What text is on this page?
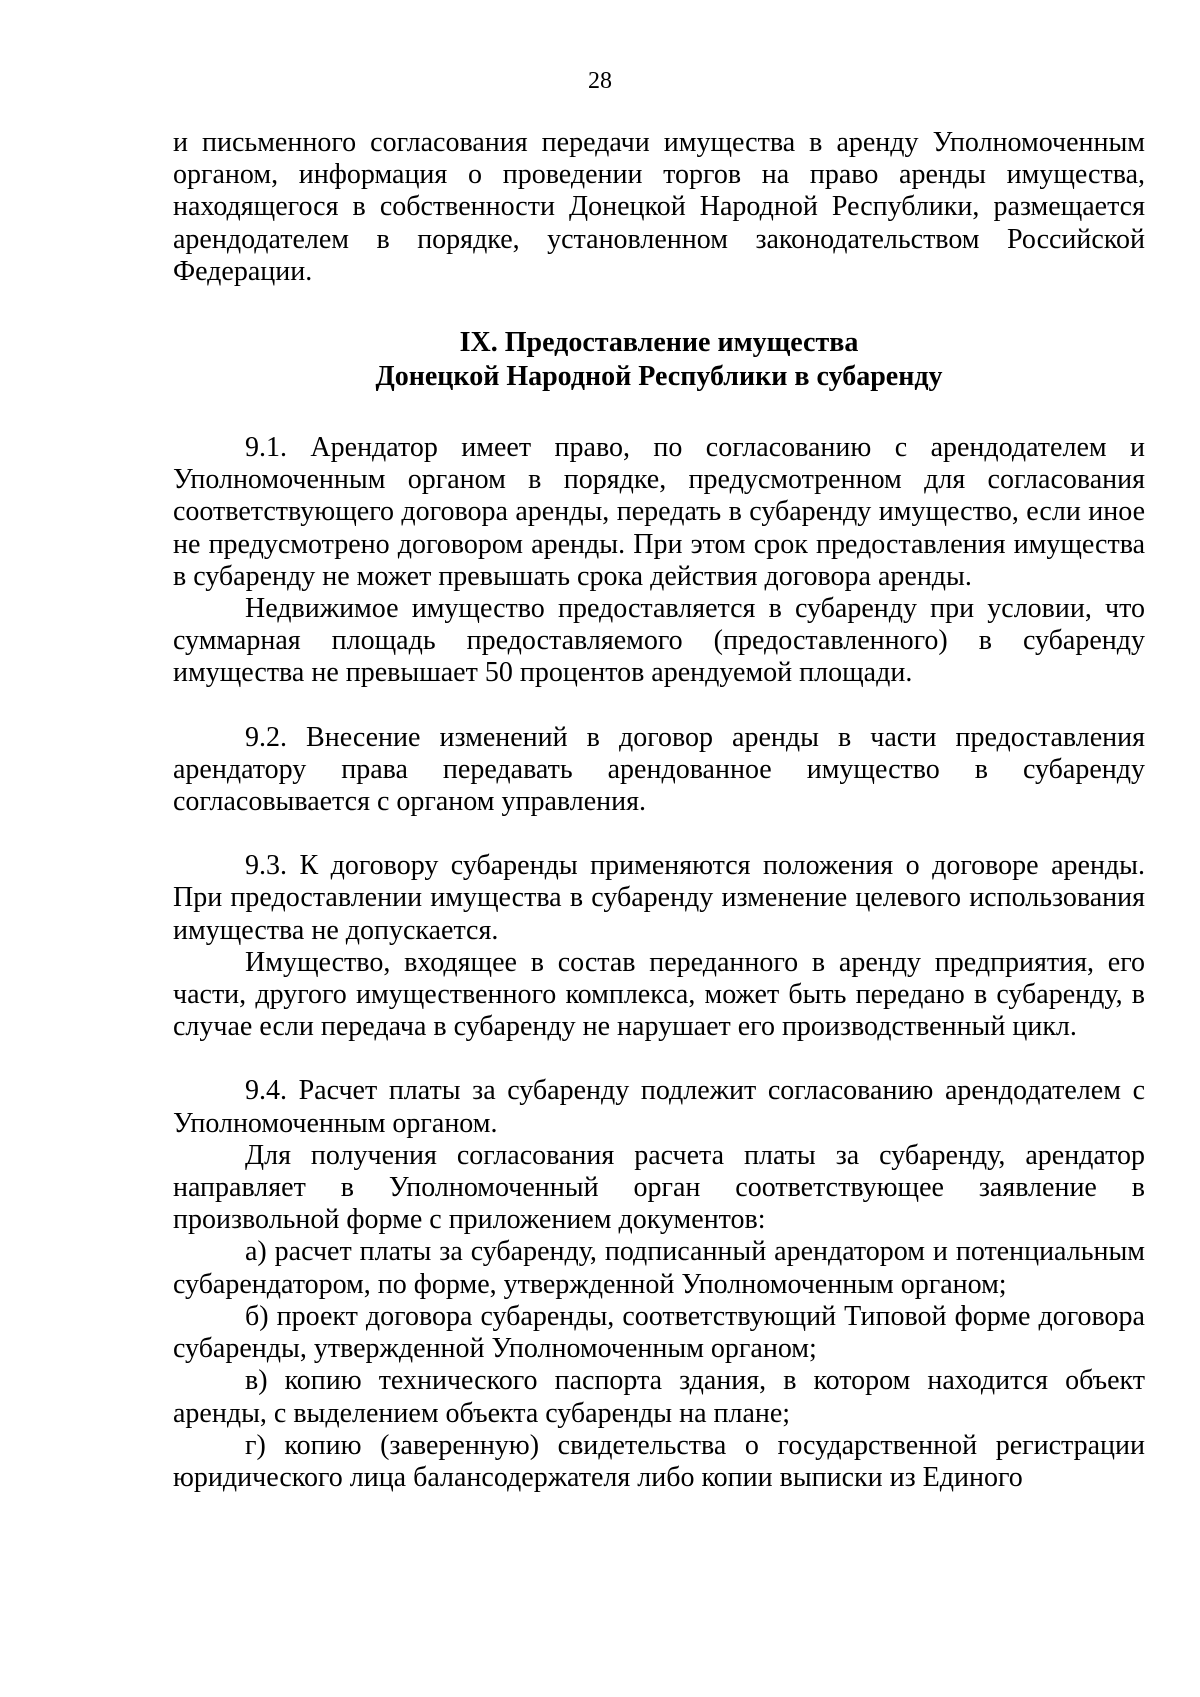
28

и письменного согласования передачи имущества в аренду Уполномоченным органом, информация о проведении торгов на право аренды имущества, находящегося в собственности Донецкой Народной Республики, размещается арендодателем в порядке, установленном законодательством Российской Федерации.

IX. Предоставление имущества

Донецкой Народной Республики в субаренду

9.1. Арендатор имеет право, по согласованию с арендодателем и Уполномоченным органом в порядке, предусмотренном для согласования соответствующего договора аренды, передать в субаренду имущество, если иное не предусмотрено договором аренды. При этом срок предоставления имущества в субаренду не может превышать срока действия договора аренды.

Недвижимое имущество предоставляется в субаренду при условии, что суммарная площадь предоставляемого (предоставленного) в субаренду имущества не превышает 50 процентов арендуемой площади.

9.2. Внесение изменений в договор аренды в части предоставления арендатору права передавать арендованное имущество в субаренду согласовывается с органом управления.

9.3. К договору субаренды применяются положения о договоре аренды. При предоставлении имущества в субаренду изменение целевого использования имущества не допускается.

Имущество, входящее в состав переданного в аренду предприятия, его части, другого имущественного комплекса, может быть передано в субаренду, в случае если передача в субаренду не нарушает его производственный цикл.

9.4. Расчет платы за субаренду подлежит согласованию арендодателем с Уполномоченным органом.

Для получения согласования расчета платы за субаренду, арендатор направляет в Уполномоченный орган соответствующее заявление в произвольной форме с приложением документов:

а) расчет платы за субаренду, подписанный арендатором и потенциальным субарендатором, по форме, утвержденной Уполномоченным органом;

б) проект договора субаренды, соответствующий Типовой форме договора субаренды, утвержденной Уполномоченным органом;

в) копию технического паспорта здания, в котором находится объект аренды, с выделением объекта субаренды на плане;

г) копию (заверенную) свидетельства о государственной регистрации юридического лица балансодержателя либо копии выписки из Единого
